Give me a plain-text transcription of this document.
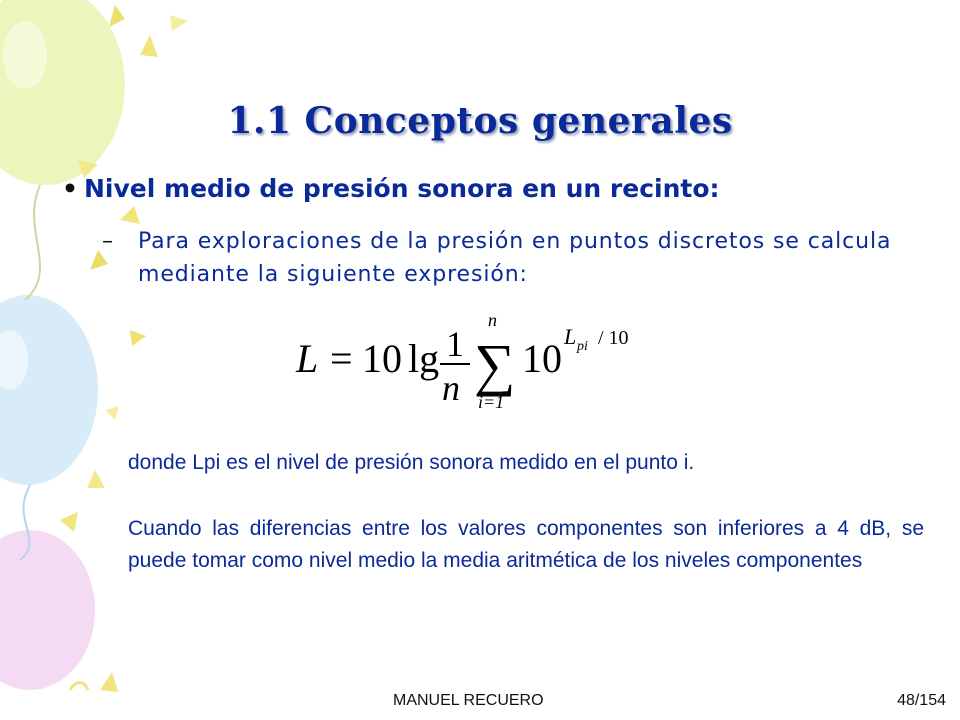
1.1 Conceptos generales
• Nivel medio de presión sonora en un recinto:
– Para exploraciones de la presión en puntos discretos se calcula mediante la siguiente expresión:
L = 10 lg 1
n
n
∑
i=1
10 L pi / 10
donde Lpi es el nivel de presión sonora medido en el punto i.
Cuando las diferencias entre los valores componentes son inferiores a 4 dB, se puede tomar como nivel medio la media aritmética de los niveles componentes
MANUEL RECUERO	48/154
